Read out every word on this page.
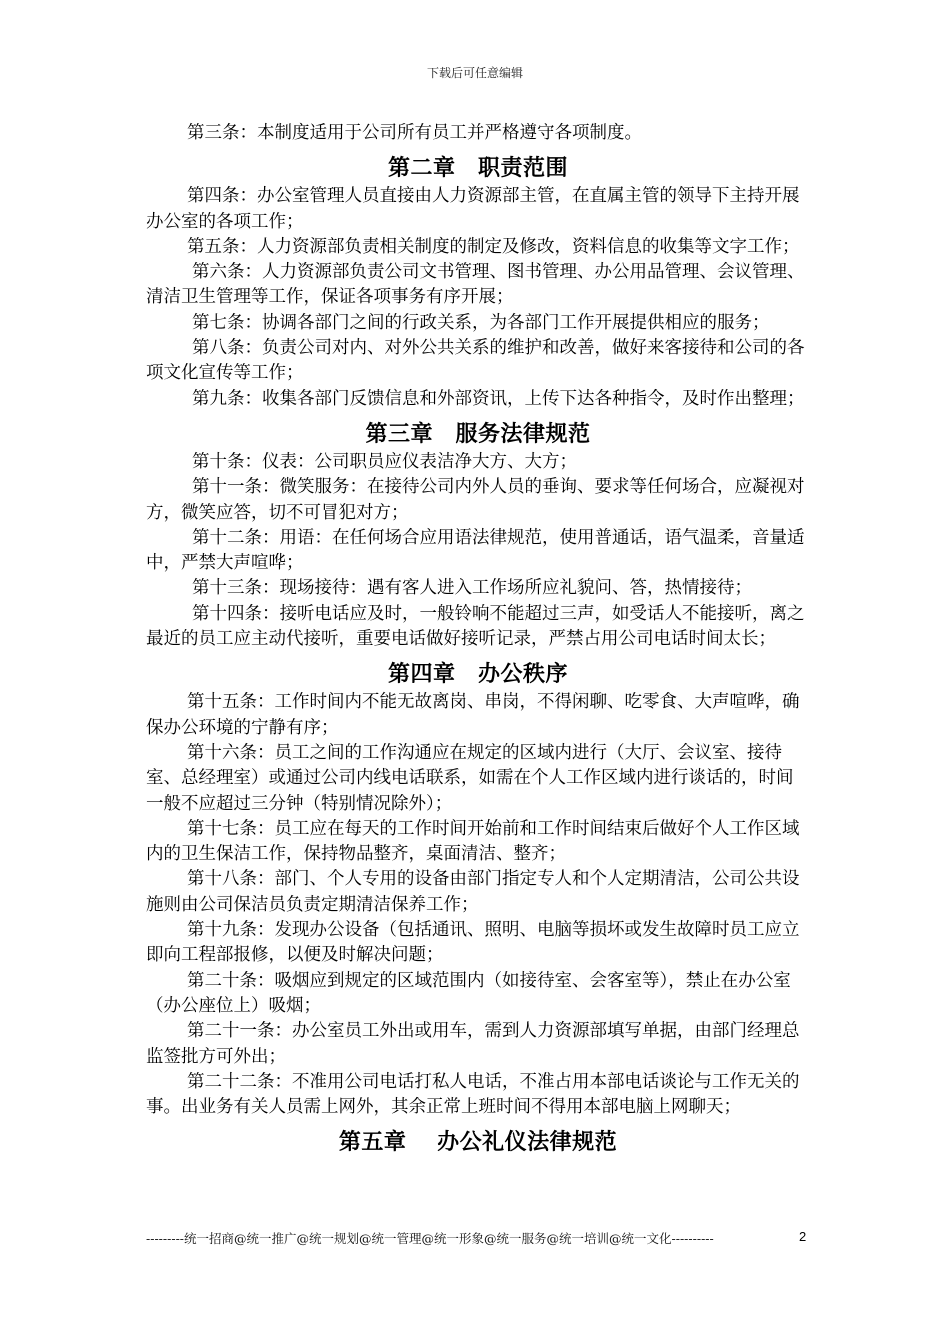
下载后可任意编辑

第三条：本制度适用于公司所有员工并严格遵守各项制度。

第二章　职责范围

第四条：办公室管理人员直接由人力资源部主管，在直属主管的领导下主持开展办公室的各项工作；

第五条：人力资源部负责相关制度的制定及修改，资料信息的收集等文字工作；

第六条：人力资源部负责公司文书管理、图书管理、办公用品管理、会议管理、清洁卫生管理等工作，保证各项事务有序开展；

第七条：协调各部门之间的行政关系，为各部门工作开展提供相应的服务；

第八条：负责公司对内、对外公共关系的维护和改善，做好来客接待和公司的各项文化宣传等工作；

第九条：收集各部门反馈信息和外部资讯，上传下达各种指令，及时作出整理；

第三章　服务法律规范

第十条：仪表：公司职员应仪表洁净大方、大方；

第十一条：微笑服务：在接待公司内外人员的垂询、要求等任何场合，应凝视对方，微笑应答，切不可冒犯对方；

第十二条：用语：在任何场合应用语法律规范，使用普通话，语气温柔，音量适中，严禁大声喧哗；

第十三条：现场接待：遇有客人进入工作场所应礼貌问、答，热情接待；

第十四条：接听电话应及时，一般铃响不能超过三声，如受话人不能接听，离之最近的员工应主动代接听，重要电话做好接听记录，严禁占用公司电话时间太长；

第四章　办公秩序

第十五条：工作时间内不能无故离岗、串岗，不得闲聊、吃零食、大声喧哗，确保办公环境的宁静有序；

第十六条：员工之间的工作沟通应在规定的区域内进行（大厅、会议室、接待室、总经理室）或通过公司内线电话联系，如需在个人工作区域内进行谈话的，时间一般不应超过三分钟（特别情况除外）；

第十七条：员工应在每天的工作时间开始前和工作时间结束后做好个人工作区域内的卫生保洁工作，保持物品整齐，桌面清洁、整齐；

第十八条：部门、个人专用的设备由部门指定专人和个人定期清洁，公司公共设施则由公司保洁员负责定期清洁保养工作；

第十九条：发现办公设备（包括通讯、照明、电脑等损坏或发生故障时员工应立即向工程部报修，以便及时解决问题；

第二十条：吸烟应到规定的区域范围内（如接待室、会客室等），禁止在办公室（办公座位上）吸烟；

第二十一条：办公室员工外出或用车，需到人力资源部填写单据，由部门经理总监签批方可外出；

第二十二条：不准用公司电话打私人电话，不准占用本部电话谈论与工作无关的事。出业务有关人员需上网外，其余正常上班时间不得用本部电脑上网聊天；

第五章　 办公礼仪法律规范
---------统一招商@统一推广@统一规划@统一管理@统一形象@统一服务@统一培训@统一文化----------	2
